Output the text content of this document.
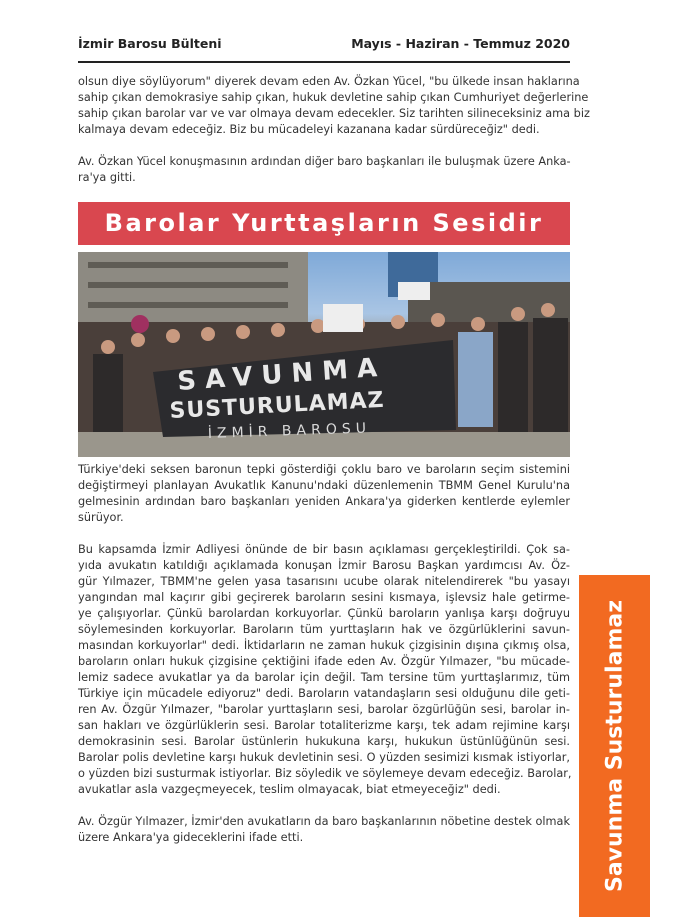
İzmir Barosu Bülteni	Mayıs - Haziran - Temmuz 2020
olsun diye söylüyorum" diyerek devam eden Av. Özkan Yücel, "bu ülkede insan haklarına
sahip çıkan demokrasiye sahip çıkan, hukuk devletine sahip çıkan Cumhuriyet değerlerine
sahip çıkan barolar var ve var olmaya devam edecekler. Siz tarihten silineceksiniz ama biz
kalmaya devam edeceğiz. Biz bu mücadeleyi kazanana kadar sürdüreceğiz" dedi.
Av. Özkan Yücel konuşmasının ardından diğer baro başkanları ile buluşmak üzere Anka-
ra'ya gitti.
Barolar Yurttaşların Sesidir
SAVUNMA
SUSTURULAMAZ
İZMİR BAROSU
Türkiye'deki seksen baronun tepki gösterdiği çoklu baro ve baroların seçim sistemini
değiştirmeyi planlayan Avukatlık Kanunu'ndaki düzenlemenin TBMM Genel Kurulu'na
gelmesinin ardından baro başkanları yeniden Ankara'ya giderken kentlerde eylemler
sürüyor.
Bu kapsamda İzmir Adliyesi önünde de bir basın açıklaması gerçekleştirildi. Çok sa-
yıda avukatın katıldığı açıklamada konuşan İzmir Barosu Başkan yardımcısı Av. Öz-
gür Yılmazer, TBMM'ne gelen yasa tasarısını ucube olarak nitelendirerek "bu yasayı
yangından mal kaçırır gibi geçirerek baroların sesini kısmaya, işlevsiz hale getirme-
ye çalışıyorlar. Çünkü barolardan korkuyorlar. Çünkü baroların yanlışa karşı doğruyu
söylemesinden korkuyorlar. Baroların tüm yurttaşların hak ve özgürlüklerini savun-
masından korkuyorlar" dedi. İktidarların ne zaman hukuk çizgisinin dışına çıkmış olsa,
baroların onları hukuk çizgisine çektiğini ifade eden Av. Özgür Yılmazer, "bu mücade-
lemiz sadece avukatlar ya da barolar için değil. Tam tersine tüm yurttaşlarımız, tüm
Türkiye için mücadele ediyoruz" dedi. Baroların vatandaşların sesi olduğunu dile geti-
ren Av. Özgür Yılmazer, "barolar yurttaşların sesi, barolar özgürlüğün sesi, barolar in-
san hakları ve özgürlüklerin sesi. Barolar totaliterizme karşı, tek adam rejimine karşı
demokrasinin sesi. Barolar üstünlerin hukukuna karşı, hukukun üstünlüğünün sesi.
Barolar polis devletine karşı hukuk devletinin sesi. O yüzden sesimizi kısmak istiyorlar,
o yüzden bizi susturmak istiyorlar. Biz söyledik ve söylemeye devam edeceğiz. Barolar,
avukatlar asla vazgeçmeyecek, teslim olmayacak, biat etmeyeceğiz" dedi.
Av. Özgür Yılmazer, İzmir'den avukatların da baro başkanlarının nöbetine destek olmak
üzere Ankara'ya gideceklerini ifade etti.	Savunma Susturulamaz
